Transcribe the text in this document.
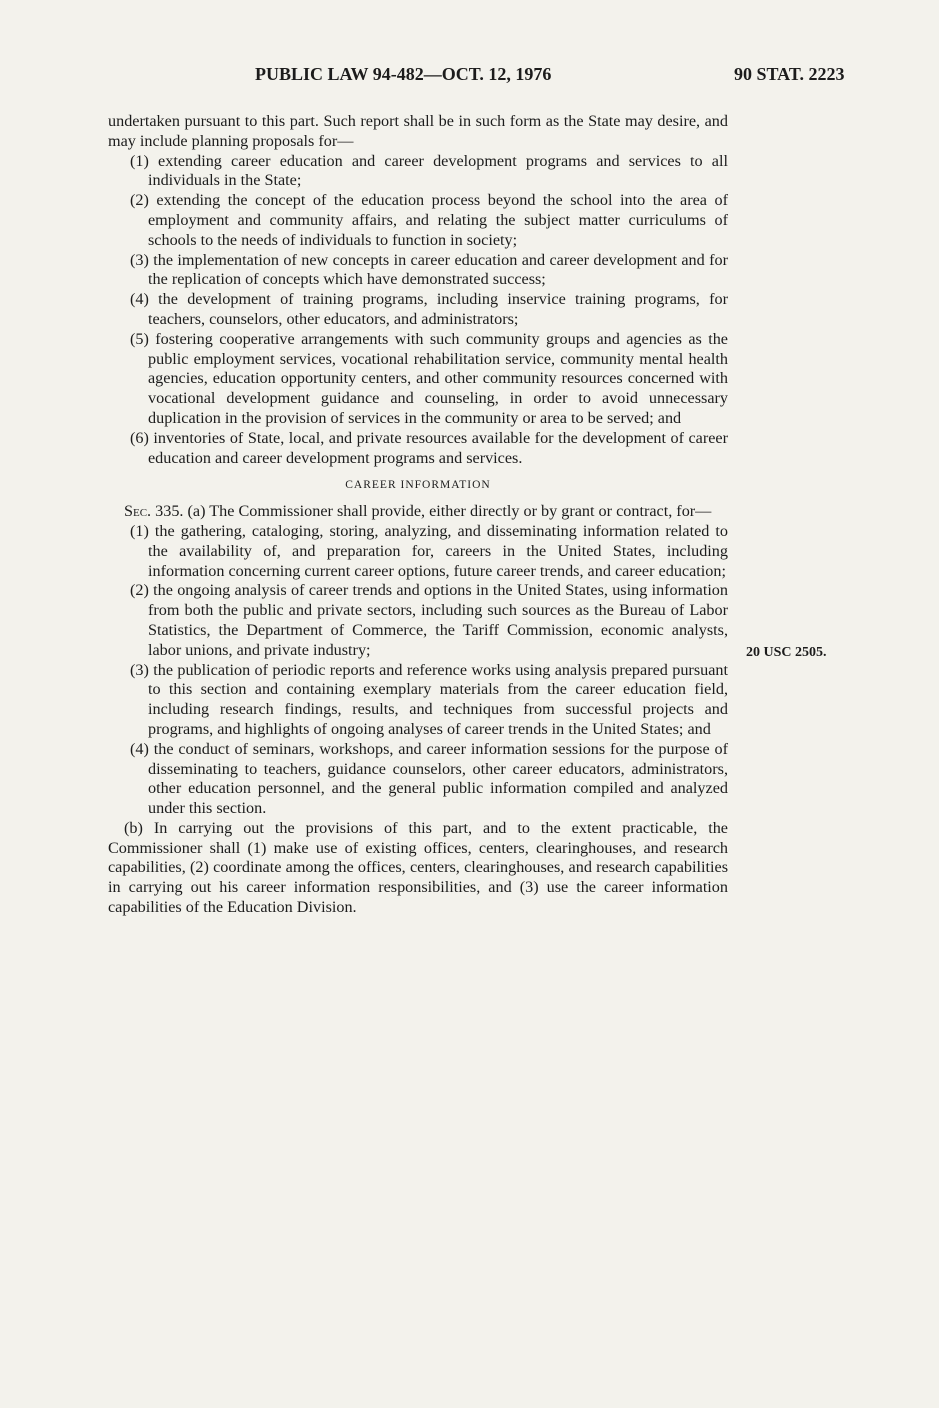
PUBLIC LAW 94-482—OCT. 12, 1976	90 STAT. 2223
20 USC 2505.

undertaken pursuant to this part. Such report shall be in such form as the State may desire, and may include planning proposals for—

(1) extending career education and career development programs and services to all individuals in the State;

(2) extending the concept of the education process beyond the school into the area of employment and community affairs, and relating the subject matter curriculums of schools to the needs of individuals to function in society;

(3) the implementation of new concepts in career education and career development and for the replication of concepts which have demonstrated success;

(4) the development of training programs, including inservice training programs, for teachers, counselors, other educators, and administrators;

(5) fostering cooperative arrangements with such community groups and agencies as the public employment services, vocational rehabilitation service, community mental health agencies, education opportunity centers, and other community resources concerned with vocational development guidance and counseling, in order to avoid unnecessary duplication in the provision of services in the community or area to be served; and

(6) inventories of State, local, and private resources available for the development of career education and career development programs and services.

CAREER INFORMATION

Sec. 335. (a) The Commissioner shall provide, either directly or by grant or contract, for—

(1) the gathering, cataloging, storing, analyzing, and disseminating information related to the availability of, and preparation for, careers in the United States, including information concerning current career options, future career trends, and career education;

(2) the ongoing analysis of career trends and options in the United States, using information from both the public and private sectors, including such sources as the Bureau of Labor Statistics, the Department of Commerce, the Tariff Commission, economic analysts, labor unions, and private industry;

(3) the publication of periodic reports and reference works using analysis prepared pursuant to this section and containing exemplary materials from the career education field, including research findings, results, and techniques from successful projects and programs, and highlights of ongoing analyses of career trends in the United States; and

(4) the conduct of seminars, workshops, and career information sessions for the purpose of disseminating to teachers, guidance counselors, other career educators, administrators, other education personnel, and the general public information compiled and analyzed under this section.

(b) In carrying out the provisions of this part, and to the extent practicable, the Commissioner shall (1) make use of existing offices, centers, clearinghouses, and research capabilities, (2) coordinate among the offices, centers, clearinghouses, and research capabilities in carrying out his career information responsibilities, and (3) use the career information capabilities of the Education Division.
